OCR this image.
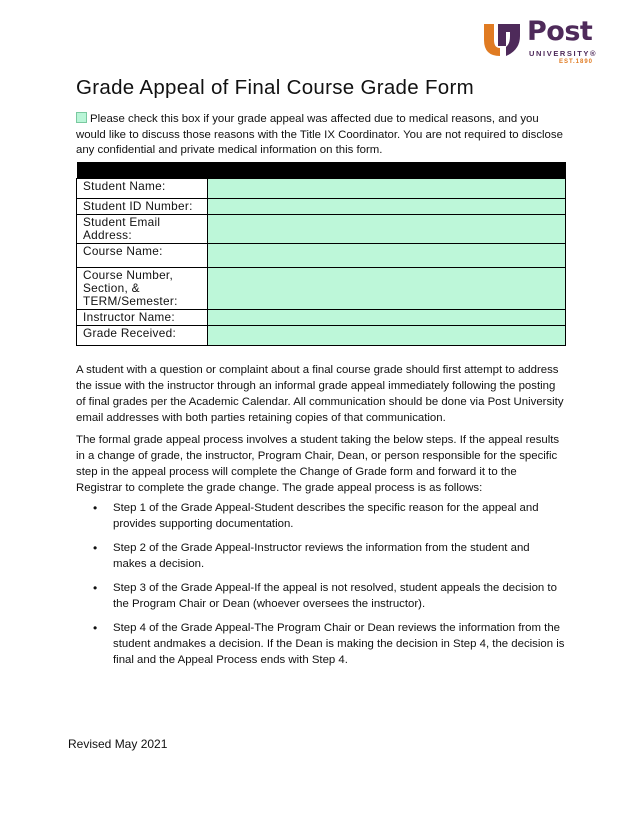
Post
UNIVERSITY®
EST.1890
Grade Appeal of Final Course Grade Form
Please check this box if your grade appeal was affected due to medical reasons, and you would like to discuss those reasons with the Title IX Coordinator. You are not required to disclose any confidential and private medical information on this form.

Student Name:	
Student ID Number:	
Student Email Address:	
Course Name:	
Course Number, Section, & TERM/Semester:	
Instructor Name:	
Grade Received:	
A student with a question or complaint about a final course grade should first attempt to address the issue with the instructor through an informal grade appeal immediately following the posting of final grades per the Academic Calendar. All communication should be done via Post University email addresses with both parties retaining copies of that communication.
The formal grade appeal process involves a student taking the below steps. If the appeal results in a change of grade, the instructor, Program Chair, Dean, or person responsible for the specific step in the appeal process will complete the Change of Grade form and forward it to the Registrar to complete the grade change. The grade appeal process is as follows:
• Step 1 of the Grade Appeal-Student describes the specific reason for the appeal and provides supporting documentation.
• Step 2 of the Grade Appeal-Instructor reviews the information from the student and makes a decision.
• Step 3 of the Grade Appeal-If the appeal is not resolved, student appeals the decision to the Program Chair or Dean (whoever oversees the instructor).
• Step 4 of the Grade Appeal-The Program Chair or Dean reviews the information from the student andmakes a decision. If the Dean is making the decision in Step 4, the decision is final and the Appeal Process ends with Step 4.
Revised May 2021
